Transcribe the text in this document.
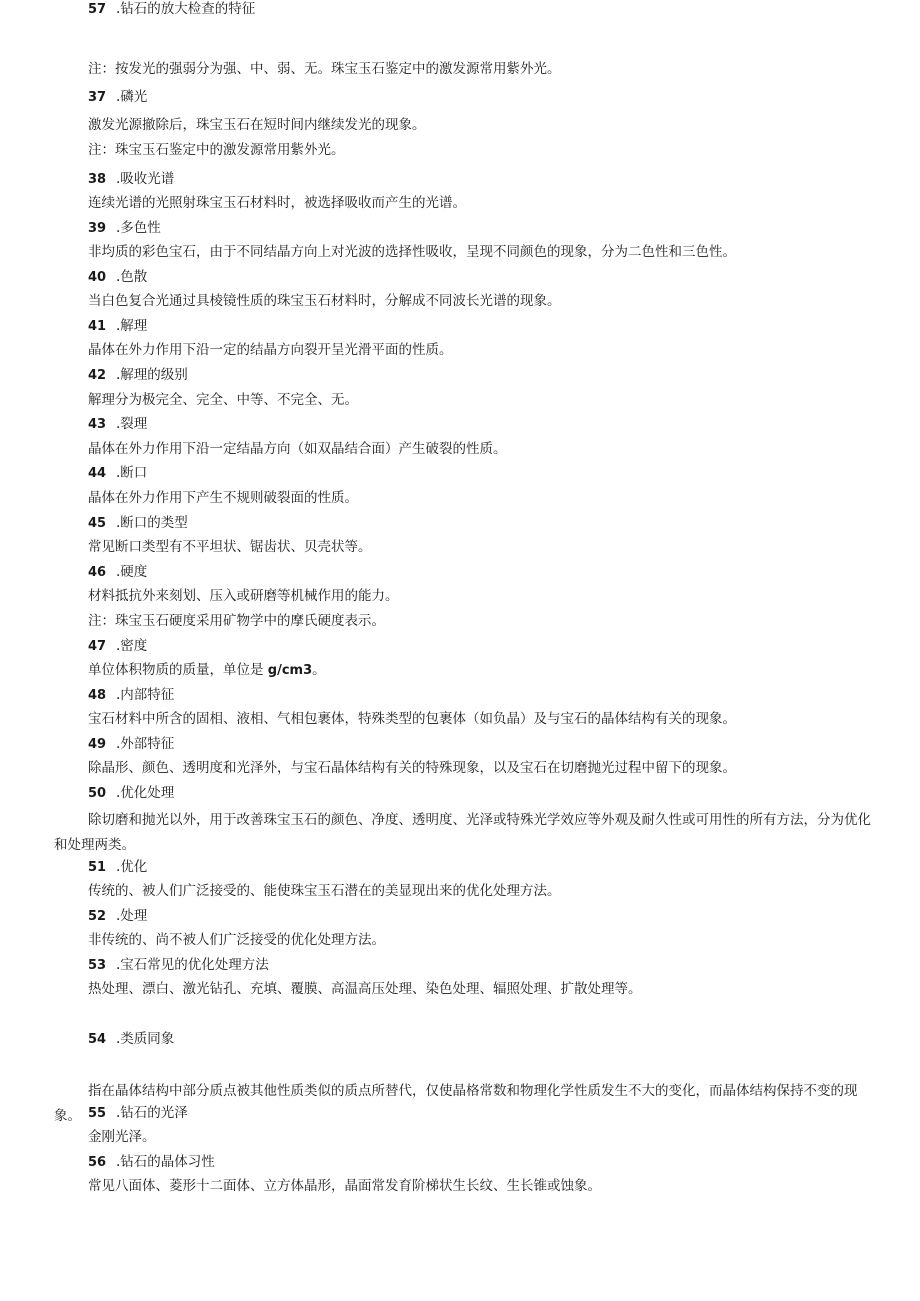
注：按发光的强弱分为强、中、弱、无。珠宝玉石鉴定中的激发源常用紫外光。
37 .磷光
激发光源撤除后，珠宝玉石在短时间内继续发光的现象。
注：珠宝玉石鉴定中的激发源常用紫外光。
38 .吸收光谱
连续光谱的光照射珠宝玉石材料时，被选择吸收而产生的光谱。
39 .多色性
非均质的彩色宝石，由于不同结晶方向上对光波的选择性吸收，呈现不同颜色的现象，分为二色性和三色性。
40 .色散
当白色复合光通过具棱镜性质的珠宝玉石材料时，分解成不同波长光谱的现象。
41 .解理
晶体在外力作用下沿一定的结晶方向裂开呈光滑平面的性质。
42 .解理的级别
解理分为极完全、完全、中等、不完全、无。
43 .裂理
晶体在外力作用下沿一定结晶方向（如双晶结合面）产生破裂的性质。
44 .断口
晶体在外力作用下产生不规则破裂面的性质。
45 .断口的类型
常见断口类型有不平坦状、锯齿状、贝壳状等。
46 .硬度
材料抵抗外来刻划、压入或研磨等机械作用的能力。
注：珠宝玉石硬度采用矿物学中的摩氏硬度表示。
47 .密度
单位体积物质的质量，单位是 g/cm3。
48 .内部特征
宝石材料中所含的固相、液相、气相包裹体，特殊类型的包裹体（如负晶）及与宝石的晶体结构有关的现象。
49 .外部特征
除晶形、颜色、透明度和光泽外，与宝石晶体结构有关的特殊现象，以及宝石在切磨抛光过程中留下的现象。
50 .优化处理
除切磨和抛光以外，用于改善珠宝玉石的颜色、净度、透明度、光泽或特殊光学效应等外观及耐久性或可用性的所有方法，分为优化和处理两类。
51 .优化
传统的、被人们广泛接受的、能使珠宝玉石潜在的美显现出来的优化处理方法。
52 .处理
非传统的、尚不被人们广泛接受的优化处理方法。
53 .宝石常见的优化处理方法
热处理、漂白、激光钻孔、充填、覆膜、高温高压处理、染色处理、辐照处理、扩散处理等。
54 .类质同象
指在晶体结构中部分质点被其他性质类似的质点所替代，仅使晶格常数和物理化学性质发生不大的变化，而晶体结构保持不变的现象。 55 .钻石的光泽
金刚光泽。
56 .钻石的晶体习性
常见八面体、菱形十二面体、立方体晶形，晶面常发育阶梯状生长纹、生长锥或蚀象。
57 .钻石的放大检查的特征
